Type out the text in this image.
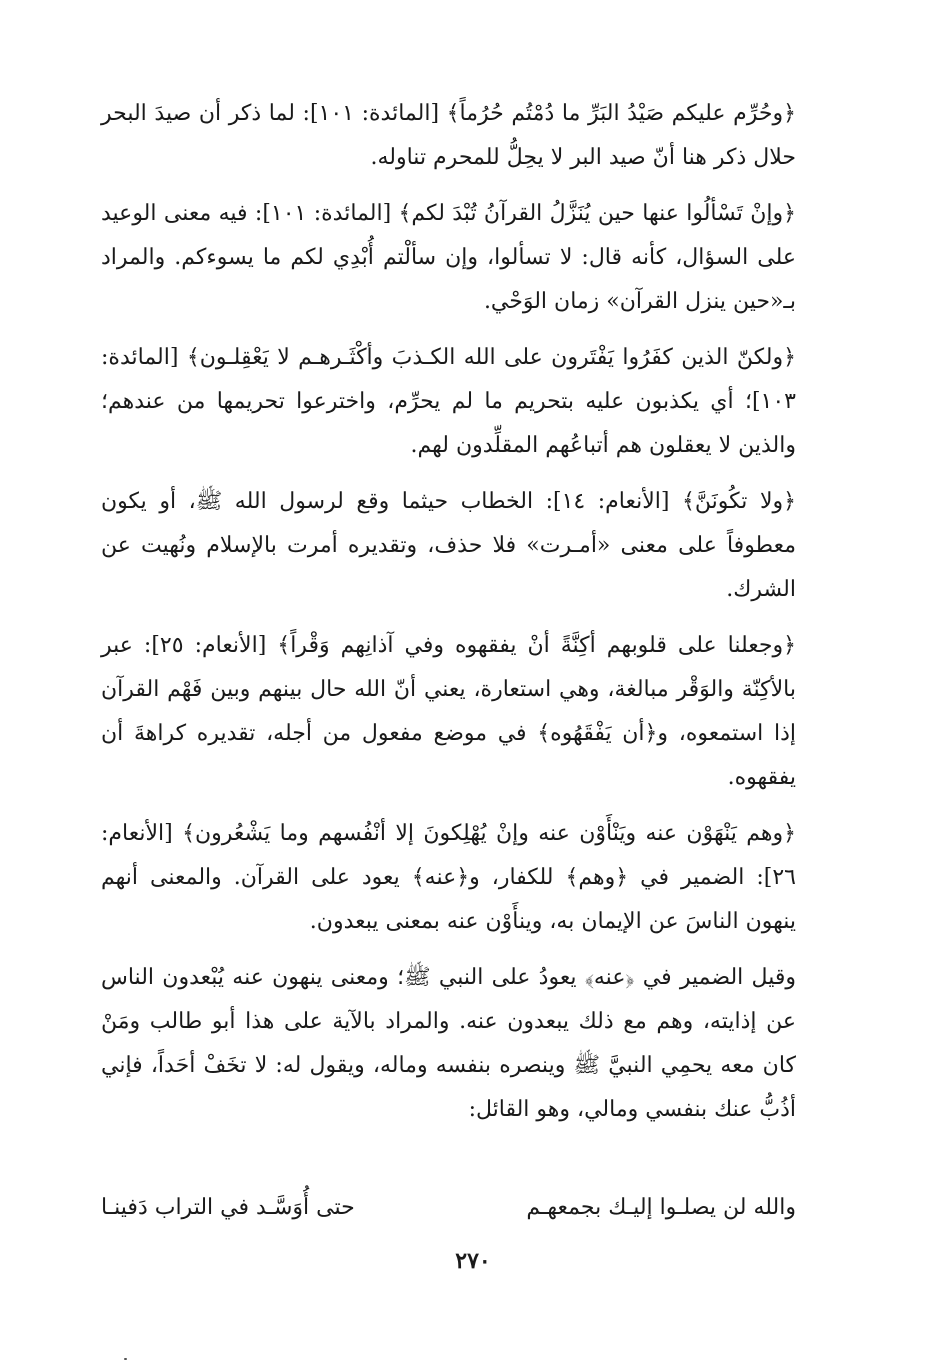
﴿وحُرِّم عليكم صَيْدُ البَرِّ ما دُمْتُم حُرُماً﴾ [المائدة: ١٠١]: لما ذكر أن صيدَ البحر حلال ذكر هنا أنّ صيد البر لا يحِلُّ للمحرم تناوله.

﴿وإنْ تَسْألُوا عنها حين يُنَزَّلُ القرآنُ تُبْدَ لكم﴾ [المائدة: ١٠١]: فيه معنى الوعيد على السؤال، كأنه قال: لا تسألوا، وإن سألْتم أُبْدِي لكم ما يسوءكم. والمراد بـ«حين ينزل القرآن» زمان الوَحْي.

﴿ولكنّ الذين كفَرُوا يَفْتَرون على الله الكـذبَ وأكْثَـرهـم لا يَعْقِلـون﴾ [المائدة: ١٠٣]؛ أي يكذبون عليه بتحريم ما لم يحرِّم، واخترعوا تحريمها من عندهم؛ والذين لا يعقلون هم أتباعُهم المقلِّدون لهم.

﴿ولا تكُونَنَّ﴾ [الأنعام: ١٤]: الخطاب حيثما وقع لرسول الله ﷺ، أو يكون معطوفاً على معنى «أمـرت» فلا حذف، وتقديره أمرت بالإسلام ونُهيت عن الشرك.

﴿وجعلنا على قلوبهم أكِنَّةً أنْ يفقهوه وفي آذانِهم وَقْراً﴾ [الأنعام: ٢٥]: عبر بالأكِنّة والوَقْر مبالغة، وهي استعارة، يعني أنّ الله حال بينهم وبين فَهْم القرآن إذا استمعوه، و﴿أن يَفْقَهُوه﴾ في موضع مفعول من أجله، تقديره كراهةَ أن يفقهوه.

﴿وهم يَنْهَوْن عنه ويَنْأَوْن عنه وإنْ يُهْلِكونَ إلا أنْفُسهم وما يَشْعُرون﴾ [الأنعام: ٢٦]: الضمير في ﴿وهم﴾ للكفار، و﴿عنه﴾ يعود على القرآن. والمعنى أنهم ينهون الناسَ عن الإيمان به، وينأَوْن عنه بمعنى يبعدون.

وقيل الضمير في ﴿عنه﴾ يعودُ على النبي ﷺ؛ ومعنى ينهون عنه يُبْعدون الناس عن إذايته، وهم مع ذلك يبعدون عنه. والمراد بالآية على هذا أبو طالب ومَنْ كان معه يحمِي النبيَّ ﷺ وينصره بنفسه وماله، ويقول له: لا تخَفْ أحَداً، فإني أذُبُّ عنك بنفسي ومالي، وهو القائل:

والله لن يصلـوا إليـك بجمعهـم
حتى أُوَسَّـد في التراب دَفينـا
٢٧٠
